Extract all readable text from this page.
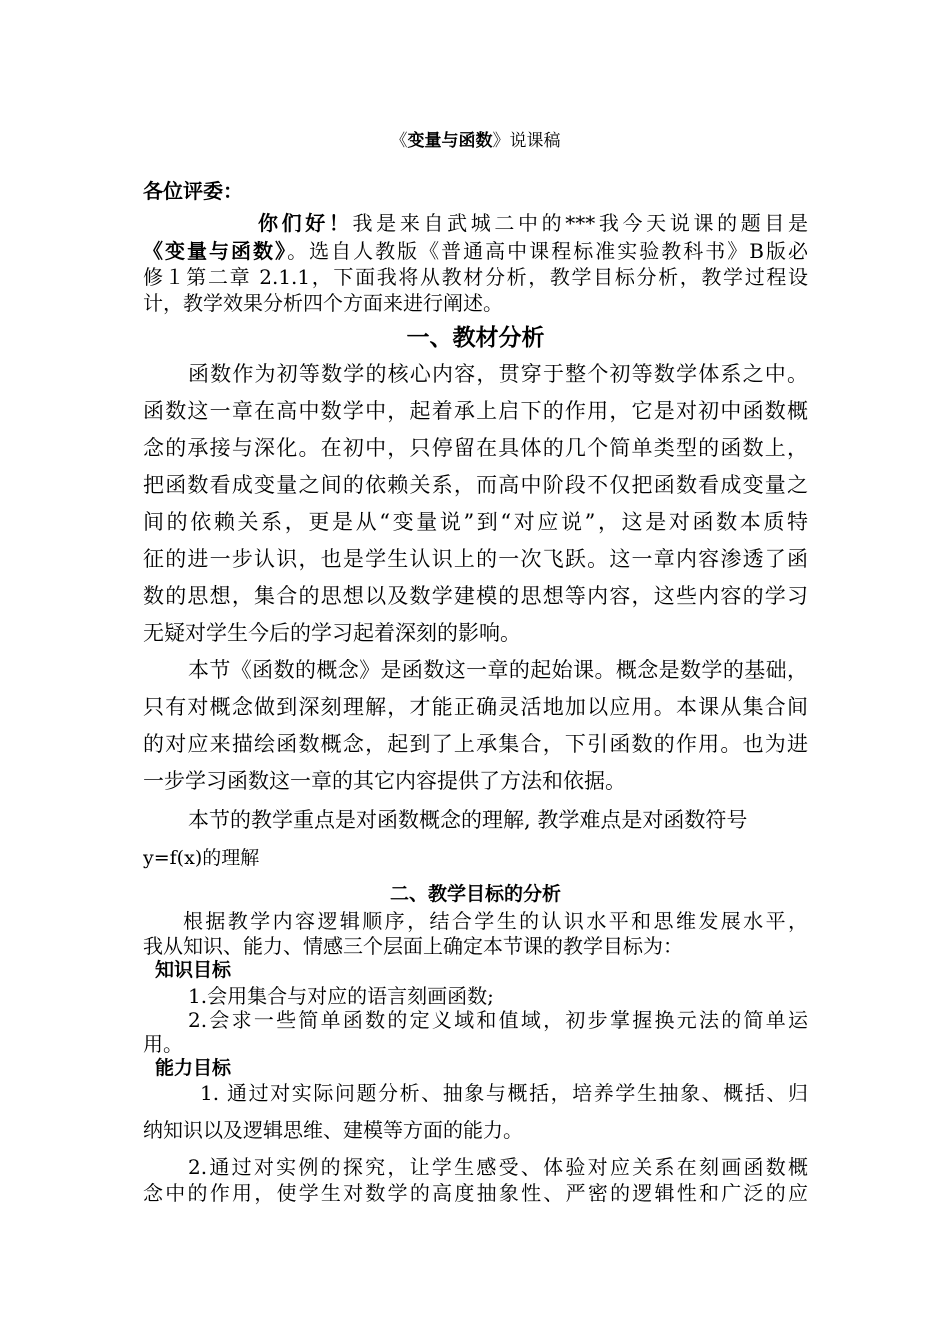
《变量与函数》说课稿
各位评委：
你们好！我是来自武城二中的***我今天说课的题目是
《变量与函数》。选自人教版《普通高中课程标准实验教科书》B版必
修１第二章 2.1.1，下面我将从教材分析，教学目标分析，教学过程设
计，教学效果分析四个方面来进行阐述。
一、教材分析
函数作为初等数学的核心内容，贯穿于整个初等数学体系之中。
函数这一章在高中数学中，起着承上启下的作用，它是对初中函数概
念的承接与深化。在初中，只停留在具体的几个简单类型的函数上，
把函数看成变量之间的依赖关系，而高中阶段不仅把函数看成变量之
间的依赖关系，更是从“变量说”到“对应说”，这是对函数本质特
征的进一步认识，也是学生认识上的一次飞跃。这一章内容渗透了函
数的思想，集合的思想以及数学建模的思想等内容，这些内容的学习
无疑对学生今后的学习起着深刻的影响。
本节《函数的概念》是函数这一章的起始课。概念是数学的基础，
只有对概念做到深刻理解，才能正确灵活地加以应用。本课从集合间
的对应来描绘函数概念，起到了上承集合，下引函数的作用。也为进
一步学习函数这一章的其它内容提供了方法和依据。
本节的教学重点是对函数概念的理解, 教学难点是对函数符号
y=f(x)的理解
二、教学目标的分析
根据教学内容逻辑顺序，结合学生的认识水平和思维发展水平，
我从知识、能力、情感三个层面上确定本节课的教学目标为：
知识目标
1.会用集合与对应的语言刻画函数;
2.会求一些简单函数的定义域和值域，初步掌握换元法的简单运
用。
能力目标
1. 通过对实际问题分析、抽象与概括，培养学生抽象、概括、归
纳知识以及逻辑思维、建模等方面的能力。
2.通过对实例的探究，让学生感受、体验对应关系在刻画函数概
念中的作用，使学生对数学的高度抽象性、严密的逻辑性和广泛的应
